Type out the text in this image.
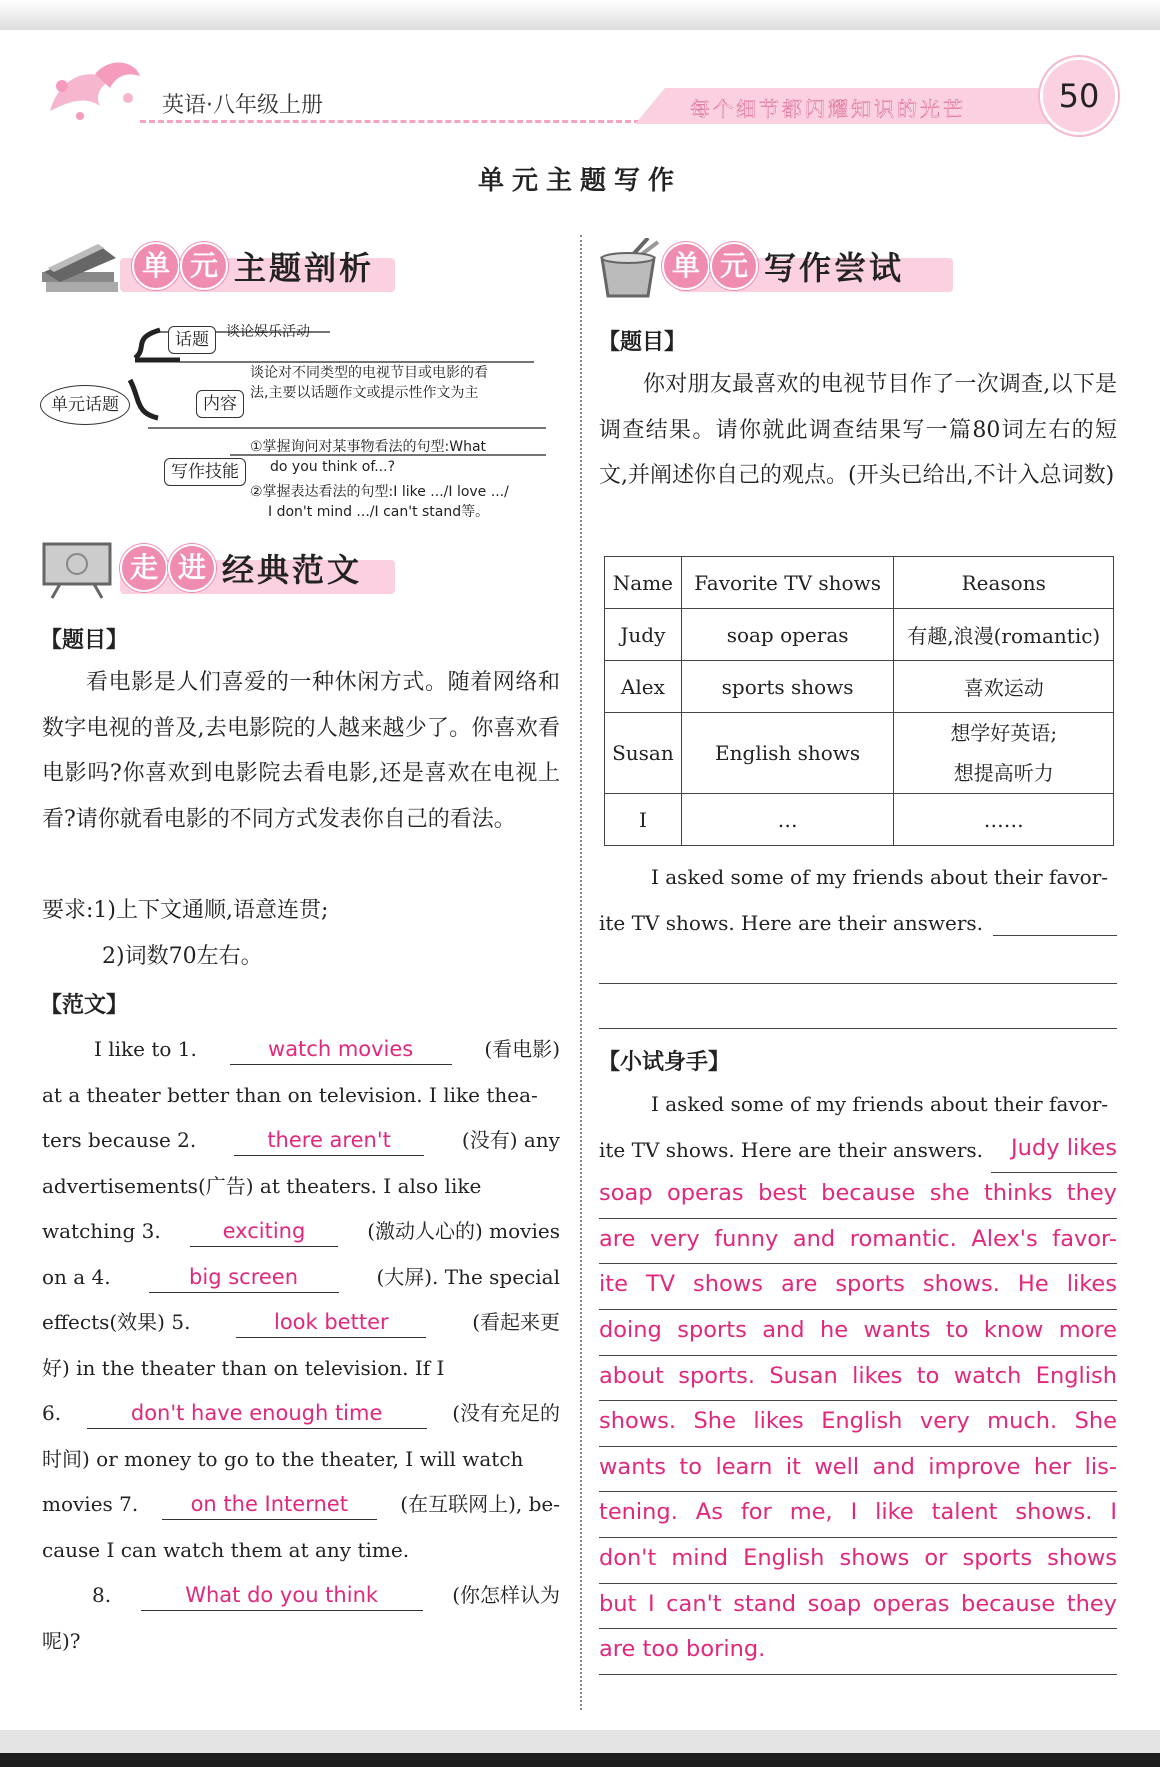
英语·八年级上册	每个细节都闪耀知识的光芒	50
单元主题写作
单 元 主题剖析
单元话题
话题	谈论娱乐活动
内容
谈论对不同类型的电视节目或电影的看
法,主要以话题作文或提示性作文为主
写作技能
①掌握询问对某事物看法的句型:What
do you think of...?
②掌握表达看法的句型:I like .../I love .../
I don't mind .../I can't stand等。
走 进 经典范文
【题目】

看电影是人们喜爱的一种休闲方式。随着网络和数字电视的普及,去电影院的人越来越少了。你喜欢看电影吗?你喜欢到电影院去看电影,还是喜欢在电视上看?请你就看电影的不同方式发表你自己的看法。

要求:1)上下文通顺,语意连贯;
2)词数70左右。
【范文】
I like to 1.	watch movies	(看电影)
at a theater better than on television. I like thea-
ters because 2.	there aren't	(没有) any
advertisements(广告) at theaters. I also like
watching 3.	exciting	(激动人心的) movies
on a 4.	big screen	(大屏). The special
effects(效果) 5.	look better	(看起来更
好) in the theater than on television. If I
6.	don't have enough time	(没有充足的
时间) or money to go to the theater, I will watch
movies 7.	on the Internet	(在互联网上), be-
cause I can watch them at any time.
8.	What do you think	(你怎样认为
呢)?
单 元 写作尝试
【题目】

你对朋友最喜欢的电视节目作了一次调查,以下是调查结果。请你就此调查结果写一篇80词左右的短文,并阐述你自己的观点。(开头已给出,不计入总词数)

Name	Favorite TV shows	Reasons
Judy	soap operas	有趣,浪漫(romantic)
Alex	sports shows	喜欢运动
Susan	English shows	想学好英语;
想提高听力

I	…	……
I asked some of my friends about their favor-
ite TV shows. Here are their answers.
【小试身手】
I asked some of my friends about their favor-
ite TV shows. Here are their answers.	Judy likes
soap operas best because she thinks they
are very funny and romantic. Alex's favor-
ite TV shows are sports shows. He likes
doing sports and he wants to know more
about sports. Susan likes to watch English
shows. She likes English very much. She
wants to learn it well and improve her lis-
tening. As for me, I like talent shows. I
don't mind English shows or sports shows
but I can't stand soap operas because they
are too boring.
